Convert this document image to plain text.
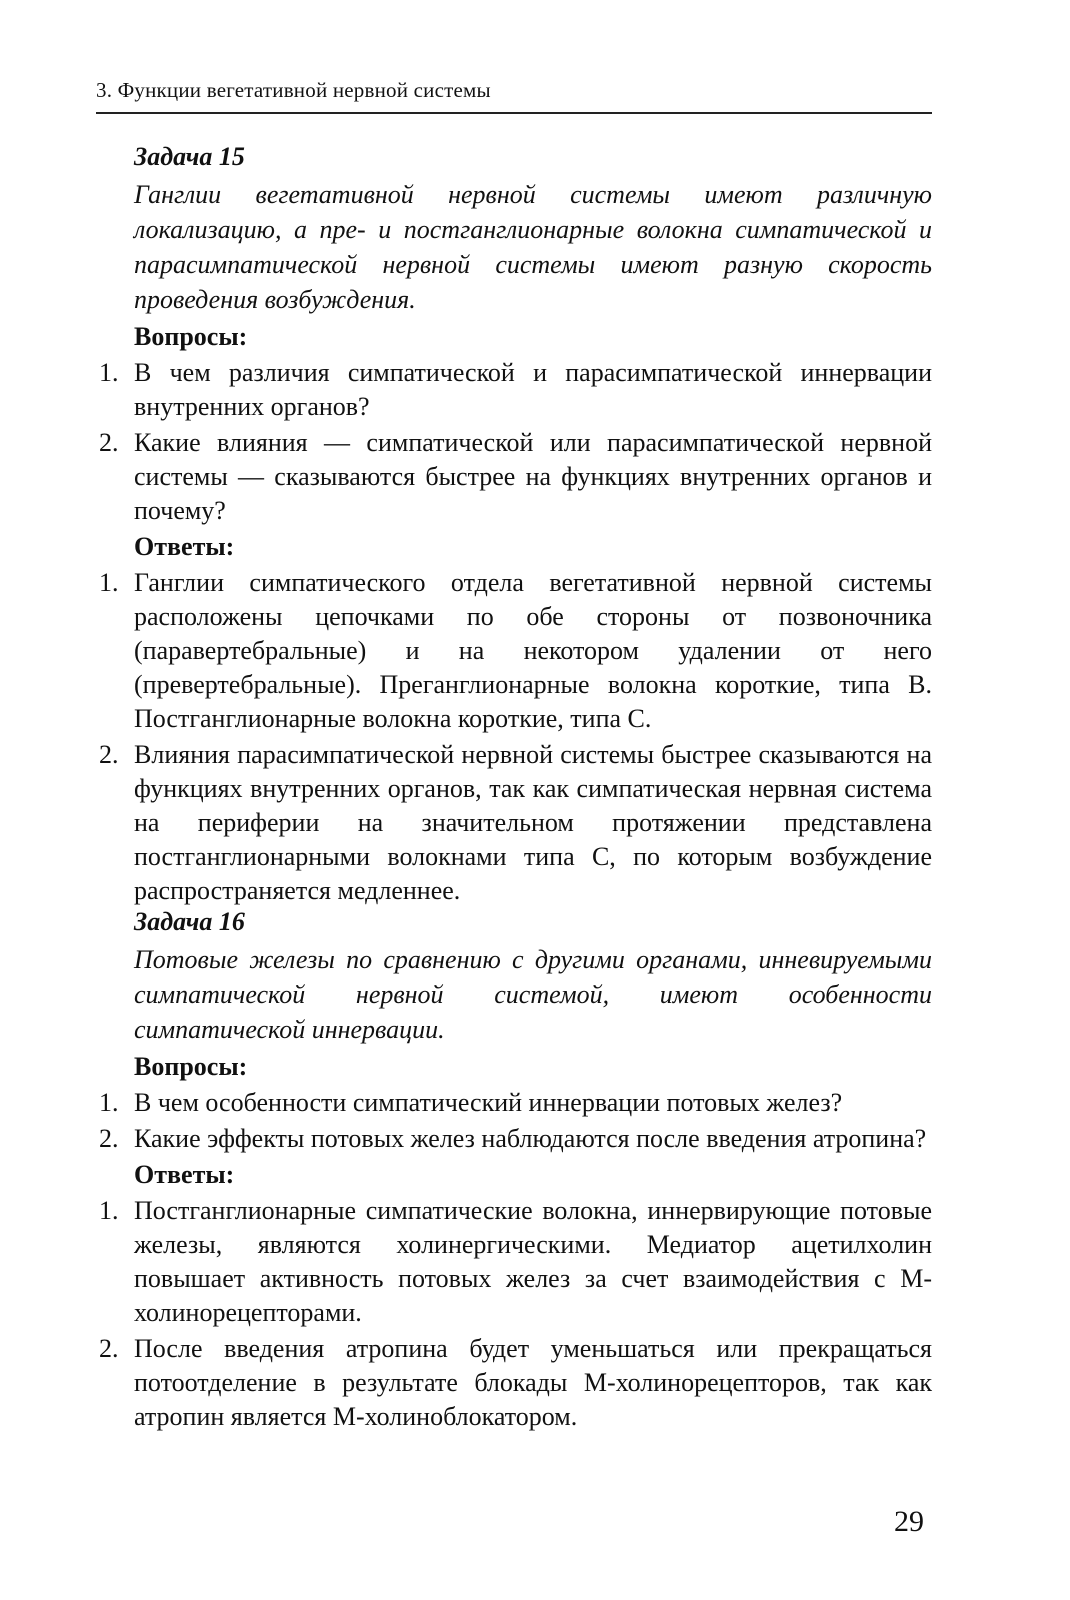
3. Функции вегетативной нервной системы
Задача 15
Ганглии вегетативной нервной системы имеют различную локализацию, а пре- и постганглионарные волокна симпатической и парасимпатической нервной системы имеют разную скорость проведения возбуждения.
Вопросы:
1. В чем различия симпатической и парасимпатической иннервации внутренних органов?
2. Какие влияния — симпатической или парасимпатической нервной системы — сказываются быстрее на функциях внутренних органов и почему?
Ответы:
1. Ганглии симпатического отдела вегетативной нервной системы расположены цепочками по обе стороны от позвоночника (паравертебральные) и на некотором удалении от него (превертебральные). Преганглионарные волокна короткие, типа В. Постганглионарные волокна короткие, типа С.
2. Влияния парасимпатической нервной системы быстрее сказываются на функциях внутренних органов, так как симпатическая нервная система на периферии на значительном протяжении представлена постганглионарными волокнами типа С, по которым возбуждение распространяется медленнее.
Задача 16
Потовые железы по сравнению с другими органами, инневируемыми симпатической нервной системой, имеют особенности симпатической иннервации.
Вопросы:
1. В чем особенности симпатический иннервации потовых желез?
2. Какие эффекты потовых желез наблюдаются после введения атропина?
Ответы:
1. Постганглионарные симпатические волокна, иннервирующие потовые железы, являются холинергическими. Медиатор ацетилхолин повышает активность потовых желез за счет взаимодействия с М-холинорецепторами.
2. После введения атропина будет уменьшаться или прекращаться потоотделение в результате блокады М-холинорецепторов, так как атропин является М-холиноблокатором.
29
